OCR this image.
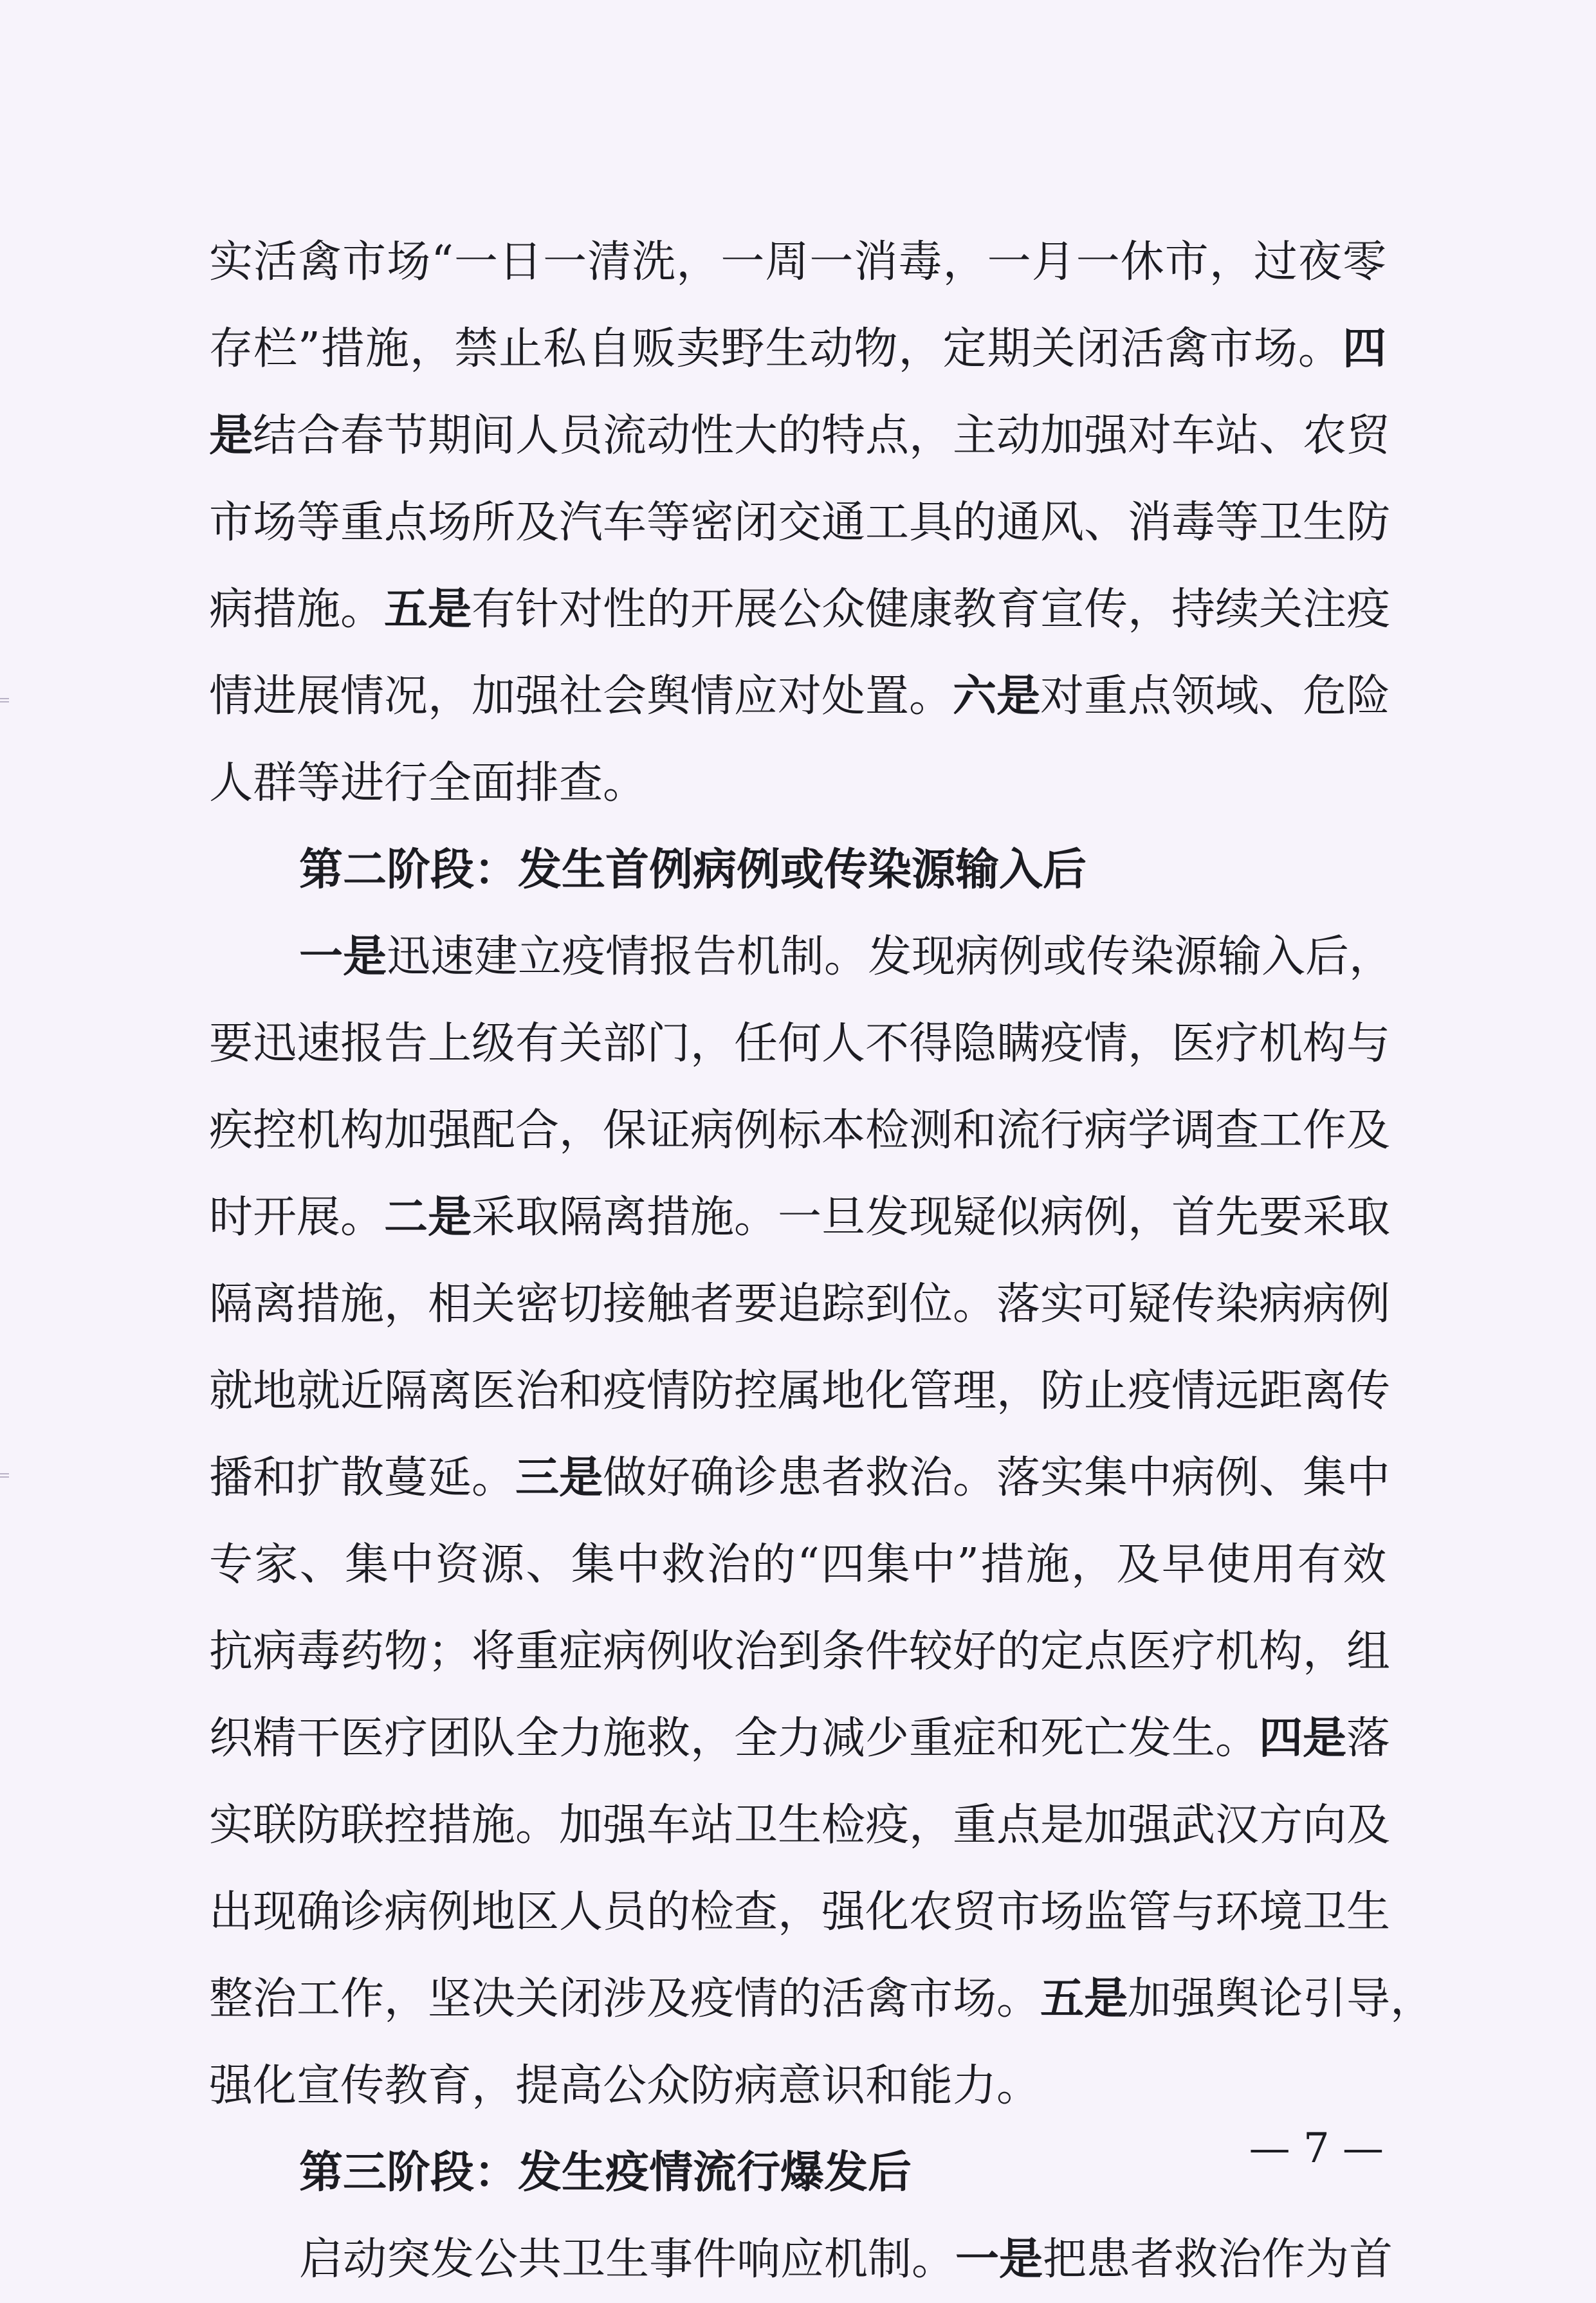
实活禽市场“一日一清洗，一周一消毒，一月一休市，过夜零
存栏”措施，禁止私自贩卖野生动物，定期关闭活禽市场。四
是结合春节期间人员流动性大的特点，主动加强对车站、农贸
市场等重点场所及汽车等密闭交通工具的通风、消毒等卫生防
病措施。五是有针对性的开展公众健康教育宣传，持续关注疫
情进展情况，加强社会舆情应对处置。六是对重点领域、危险
人群等进行全面排查。
第二阶段：发生首例病例或传染源输入后
一是迅速建立疫情报告机制。发现病例或传染源输入后，
要迅速报告上级有关部门，任何人不得隐瞒疫情，医疗机构与
疾控机构加强配合，保证病例标本检测和流行病学调查工作及
时开展。二是采取隔离措施。一旦发现疑似病例，首先要采取
隔离措施，相关密切接触者要追踪到位。落实可疑传染病病例
就地就近隔离医治和疫情防控属地化管理，防止疫情远距离传
播和扩散蔓延。三是做好确诊患者救治。落实集中病例、集中
专家、集中资源、集中救治的“四集中”措施，及早使用有效
抗病毒药物；将重症病例收治到条件较好的定点医疗机构，组
织精干医疗团队全力施救，全力减少重症和死亡发生。四是落
实联防联控措施。加强车站卫生检疫，重点是加强武汉方向及
出现确诊病例地区人员的检查，强化农贸市场监管与环境卫生
整治工作，坚决关闭涉及疫情的活禽市场。五是加强舆论引导，
强化宣传教育，提高公众防病意识和能力。
第三阶段：发生疫情流行爆发后
启动突发公共卫生事件响应机制。一是把患者救治作为首
— 7 —
